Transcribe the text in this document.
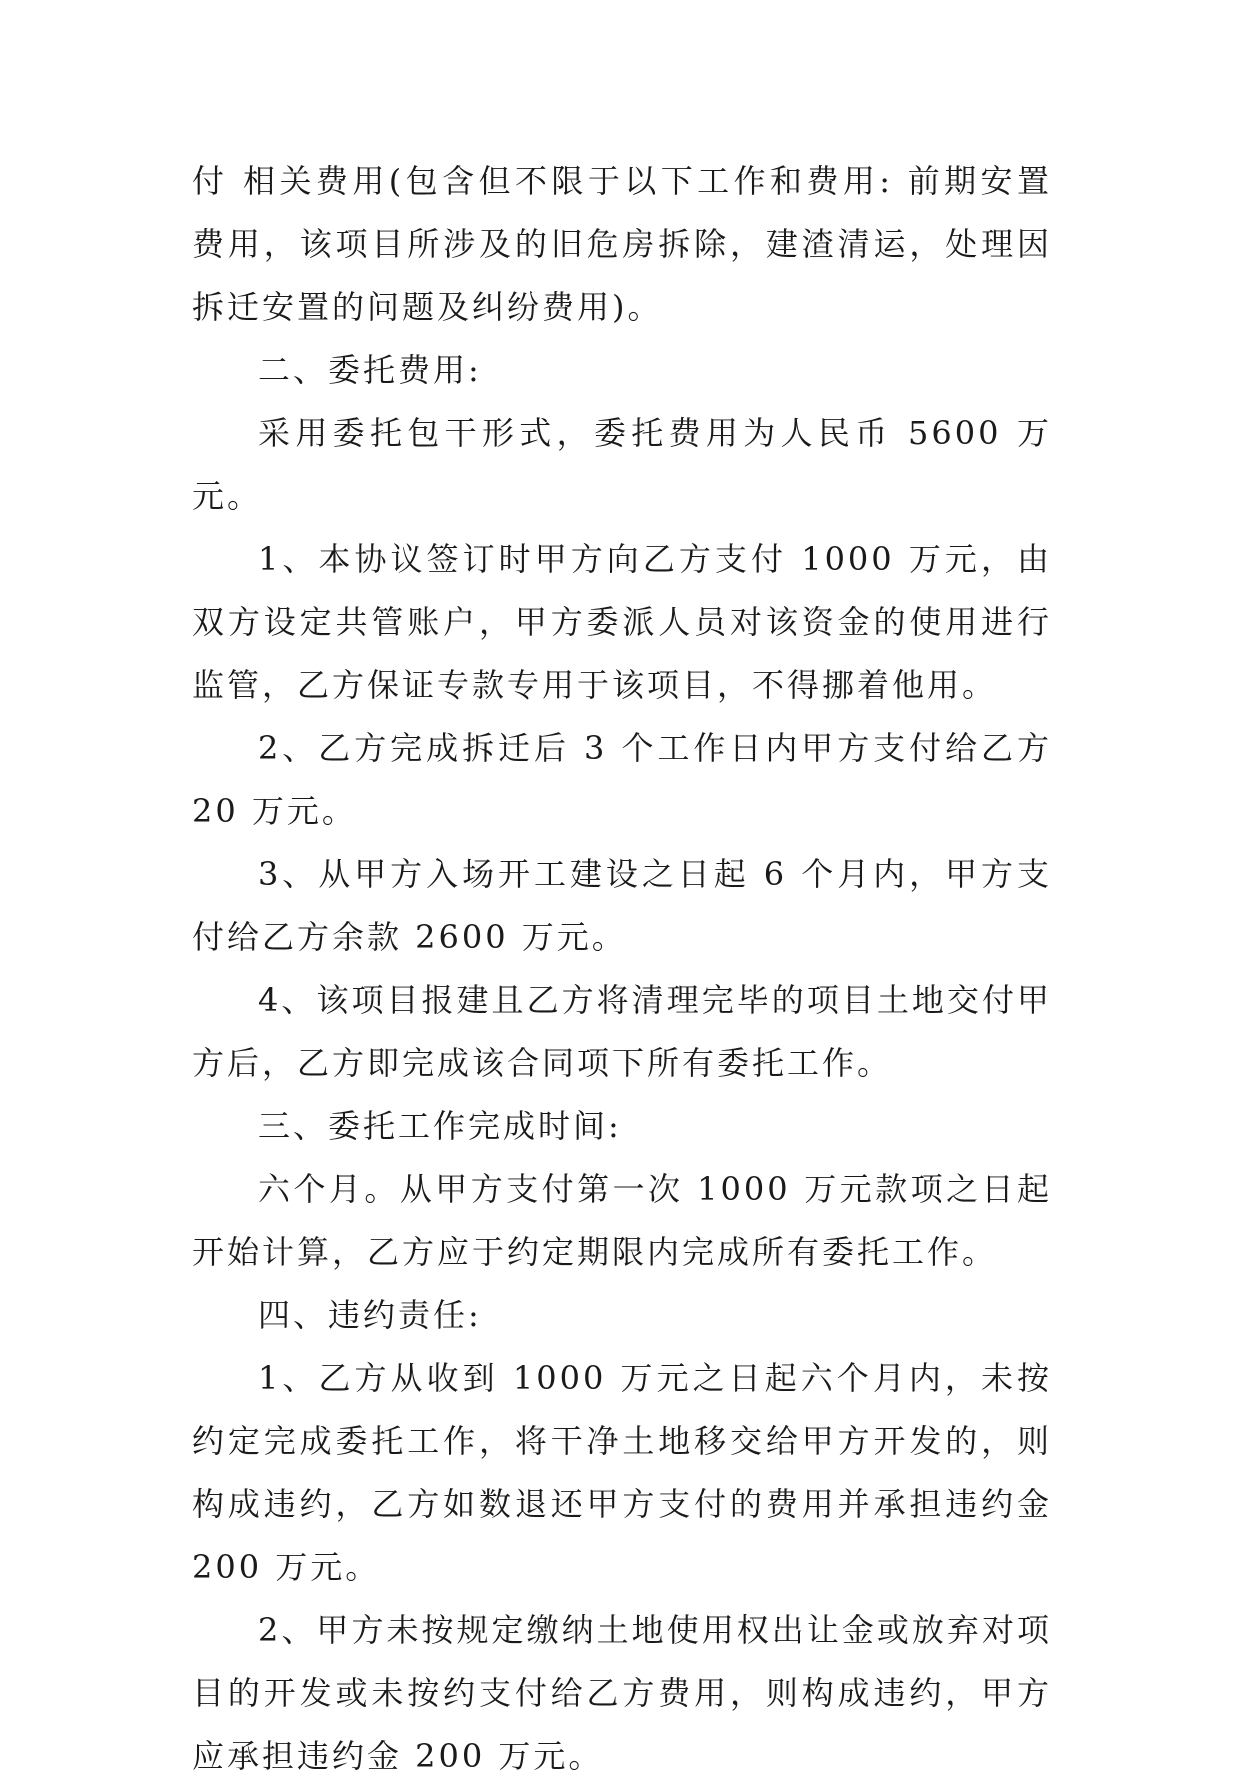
付 相关费用(包含但不限于以下工作和费用: 前期安置费用，该项目所涉及的旧危房拆除，建渣清运，处理因拆迁安置的问题及纠纷费用)。

二、委托费用:

采用委托包干形式，委托费用为人民币 5600 万元。

1、本协议签订时甲方向乙方支付 1000 万元，由双方设定共管账户，甲方委派人员对该资金的使用进行监管，乙方保证专款专用于该项目，不得挪着他用。

2、乙方完成拆迁后 3 个工作日内甲方支付给乙方 20 万元。

3、从甲方入场开工建设之日起 6 个月内，甲方支付给乙方余款 2600 万元。

4、该项目报建且乙方将清理完毕的项目土地交付甲方后，乙方即完成该合同项下所有委托工作。

三、委托工作完成时间:

六个月。从甲方支付第一次 1000 万元款项之日起开始计算，乙方应于约定期限内完成所有委托工作。

四、违约责任:

1、乙方从收到 1000 万元之日起六个月内，未按约定完成委托工作，将干净土地移交给甲方开发的，则构成违约，乙方如数退还甲方支付的费用并承担违约金 200 万元。

2、甲方未按规定缴纳土地使用权出让金或放弃对项目的开发或未按约支付给乙方费用，则构成违约，甲方应承担违约金 200 万元。
